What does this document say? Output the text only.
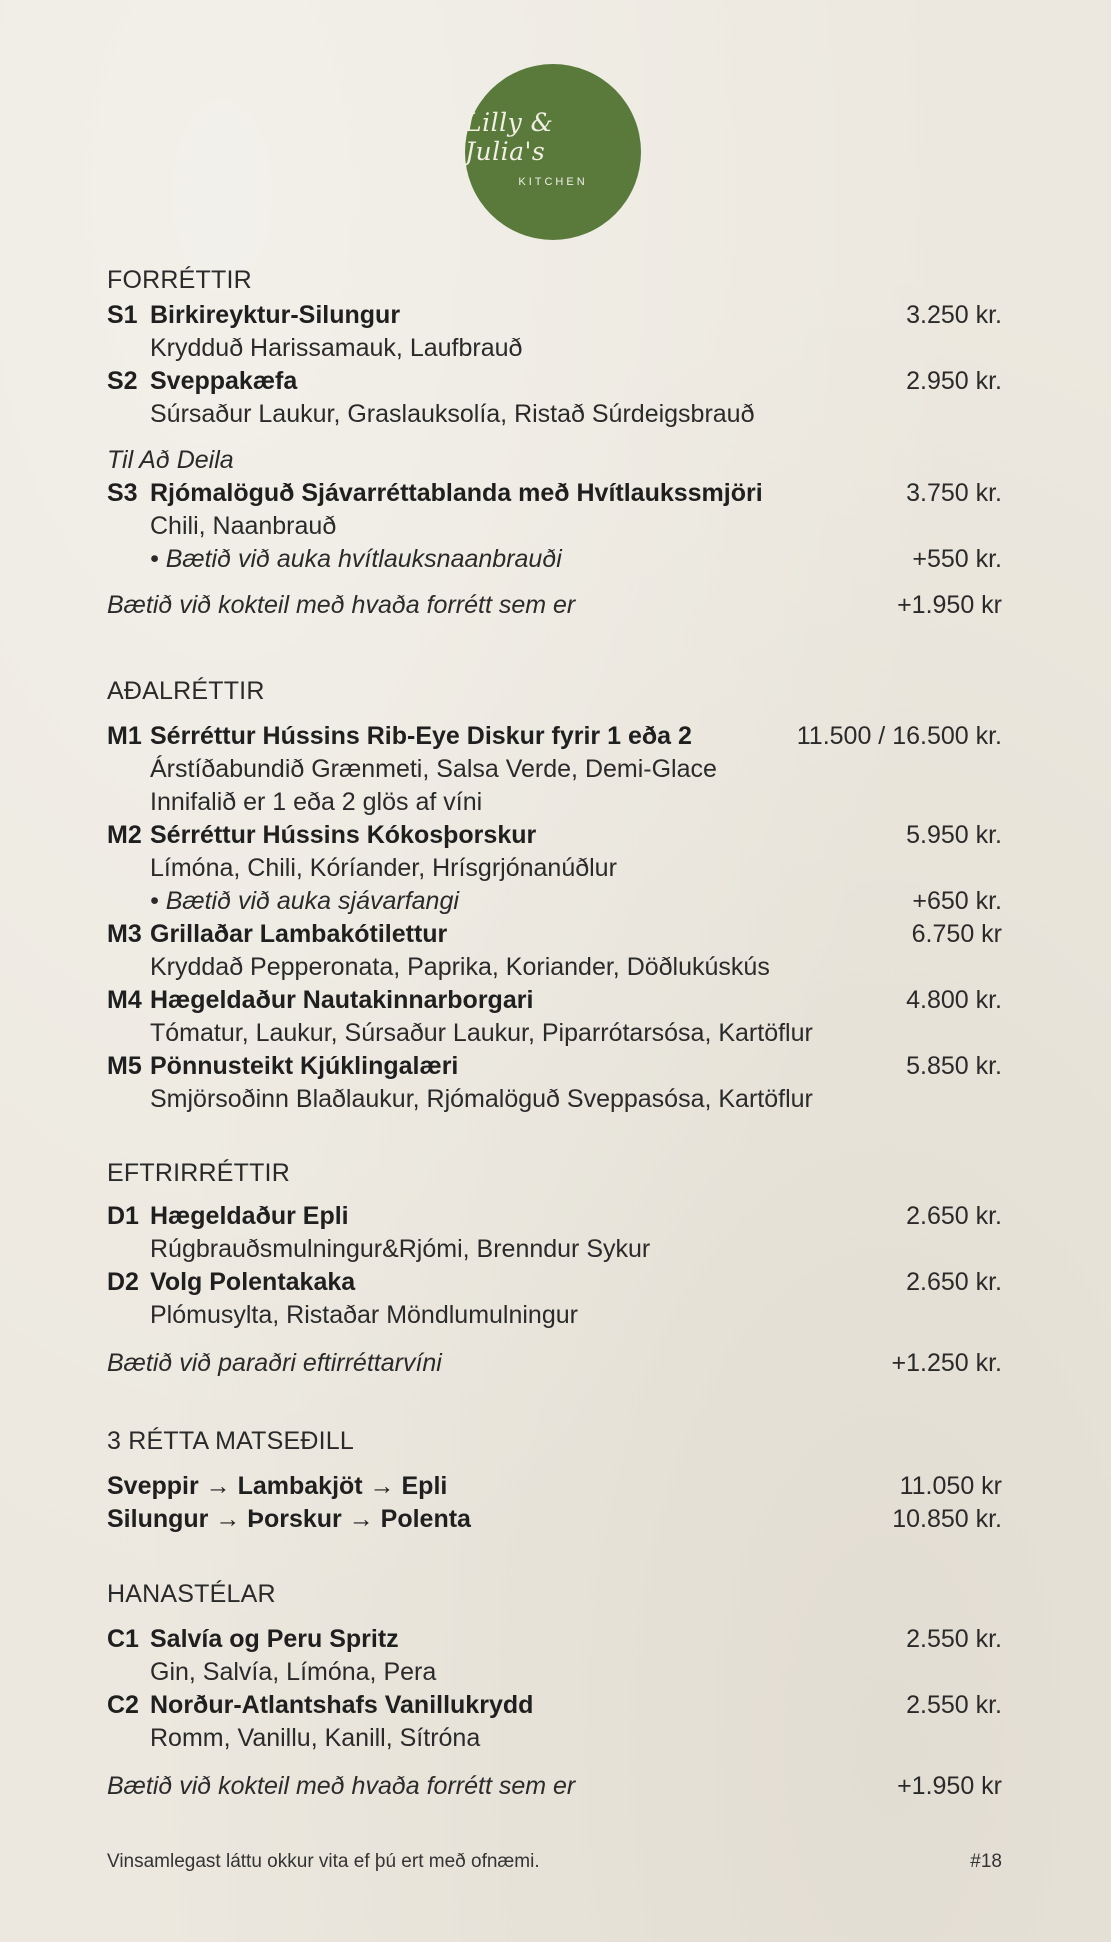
Lilly & Julia's
KITCHEN
FORRÉTTIR
S1 Birkireyktur-Silungur	3.250 kr.
Krydduð Harissamauk, Laufbrauð
S2 Sveppakæfa	2.950 kr.
Súrsaður Laukur, Graslauksolía, Ristað Súrdeigsbrauð
Til Að Deila
S3 Rjómalöguð Sjávarréttablanda með Hvítlaukssmjöri	3.750 kr.
Chili, Naanbrauð
• Bætið við auka hvítlauksnaanbrauði	+550 kr.
Bætið við kokteil með hvaða forrétt sem er	+1.950 kr
AÐALRÉTTIR
M1 Sérréttur Hússins Rib-Eye Diskur fyrir 1 eða 2	11.500 / 16.500 kr.
Árstíðabundið Grænmeti, Salsa Verde, Demi-Glace
Innifalið er 1 eða 2 glös af víni
M2 Sérréttur Hússins Kókosþorskur	5.950 kr.
Límóna, Chili, Kóríander, Hrísgrjónanúðlur
• Bætið við auka sjávarfangi	+650 kr.
M3 Grillaðar Lambakótilettur	6.750 kr
Kryddað Pepperonata, Paprika, Koriander, Döðlukúskús
M4 Hægeldaður Nautakinnarborgari	4.800 kr.
Tómatur, Laukur, Súrsaður Laukur, Piparrótarsósa, Kartöflur
M5 Pönnusteikt Kjúklingalæri	5.850 kr.
Smjörsoðinn Blaðlaukur, Rjómalöguð Sveppasósa, Kartöflur
EFTRIRRÉTTIR
D1 Hægeldaður Epli	2.650 kr.
Rúgbrauðsmulningur&Rjómi, Brenndur Sykur
D2 Volg Polentakaka	2.650 kr.
Plómusylta, Ristaðar Möndlumulningur
Bætið við paraðri eftirréttarvíni	+1.250 kr.
3 RÉTTA MATSEÐILL
Sveppir → Lambakjöt → Epli	11.050 kr
Silungur → Þorskur → Polenta	10.850 kr.
HANASTÉLAR
C1 Salvía og Peru Spritz	2.550 kr.
Gin, Salvía, Límóna, Pera
C2 Norður-Atlantshafs Vanillukrydd	2.550 kr.
Romm, Vanillu, Kanill, Sítróna
Bætið við kokteil með hvaða forrétt sem er	+1.950 kr
Vinsamlegast láttu okkur vita ef þú ert með ofnæmi.	#18
